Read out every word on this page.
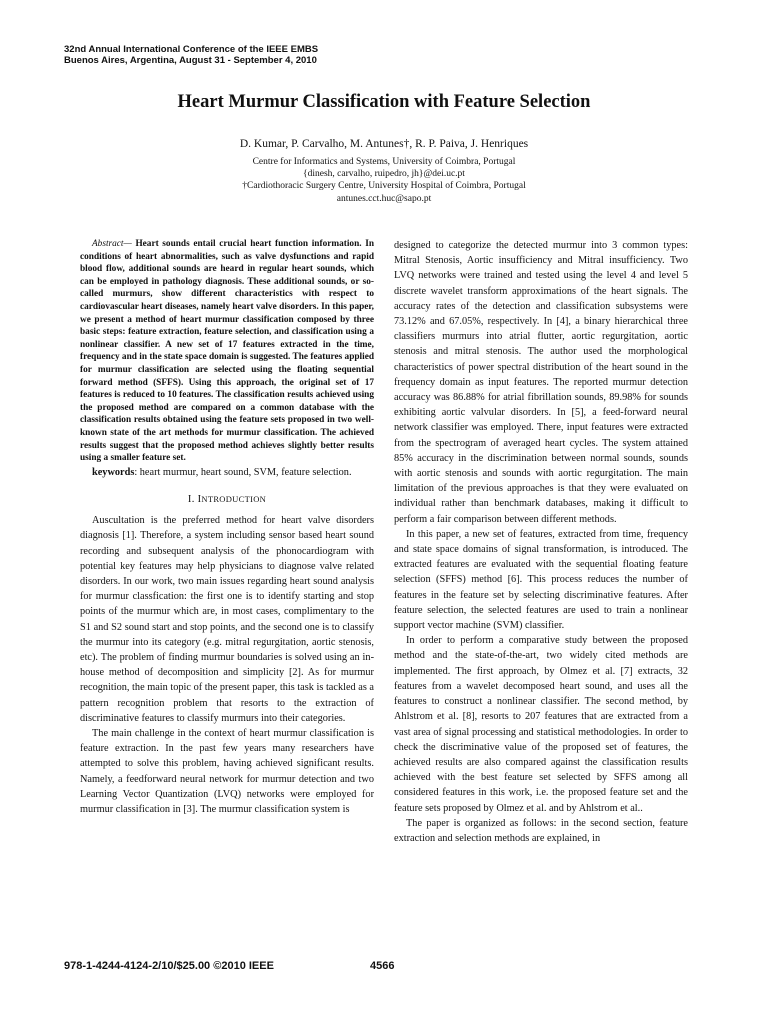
32nd Annual International Conference of the IEEE EMBS
Buenos Aires, Argentina, August 31 - September 4, 2010
Heart Murmur Classification with Feature Selection
D. Kumar, P. Carvalho, M. Antunes†, R. P. Paiva, J. Henriques
Centre for Informatics and Systems, University of Coimbra, Portugal
{dinesh, carvalho, ruipedro, jh}@dei.uc.pt
†Cardiothoracic Surgery Centre, University Hospital of Coimbra, Portugal
antunes.cct.huc@sapo.pt

Abstract— Heart sounds entail crucial heart function information. In conditions of heart abnormalities, such as valve dysfunctions and rapid blood flow, additional sounds are heard in regular heart sounds, which can be employed in pathology diagnosis. These additional sounds, or so-called murmurs, show different characteristics with respect to cardiovascular heart diseases, namely heart valve disorders. In this paper, we present a method of heart murmur classification composed by three basic steps: feature extraction, feature selection, and classification using a nonlinear classifier. A new set of 17 features extracted in the time, frequency and in the state space domain is suggested. The features applied for murmur classification are selected using the floating sequential forward method (SFFS). Using this approach, the original set of 17 features is reduced to 10 features. The classification results achieved using the proposed method are compared on a common database with the classification results obtained using the feature sets proposed in two well-known state of the art methods for murmur classification. The achieved results suggest that the proposed method achieves slightly better results using a smaller feature set.

keywords: heart murmur, heart sound, SVM, feature selection.

I. INTRODUCTION

Auscultation is the preferred method for heart valve disorders diagnosis [1]. Therefore, a system including sensor based heart sound recording and subsequent analysis of the phonocardiogram with potential key features may help physicians to diagnose valve related disorders. In our work, two main issues regarding heart sound analysis for murmur classfication: the first one is to identify starting and stop points of the murmur which are, in most cases, complimentary to the S1 and S2 sound start and stop points, and the second one is to classify the murmur into its category (e.g. mitral regurgitation, aortic stenosis, etc). The problem of finding murmur boundaries is solved using an in-house method of decomposition and simplicity [2]. As for murmur recognition, the main topic of the present paper, this task is tackled as a pattern recognition problem that resorts to the extraction of discriminative features to classify murmurs into their categories.

The main challenge in the context of heart murmur classification is feature extraction. In the past few years many researchers have attempted to solve this problem, having achieved significant results. Namely, a feedforward neural network for murmur detection and two Learning Vector Quantization (LVQ) networks were employed for murmur classification in [3]. The murmur classification system is

designed to categorize the detected murmur into 3 common types: Mitral Stenosis, Aortic insufficiency and Mitral insufficiency. Two LVQ networks were trained and tested using the level 4 and level 5 discrete wavelet transform approximations of the heart signals. The accuracy rates of the detection and classification subsystems were 73.12% and 67.05%, respectively. In [4], a binary hierarchical three classifiers murmurs into atrial flutter, aortic regurgitation, aortic stenosis and mitral stenosis. The author used the morphological characteristics of power spectral distribution of the heart sound in the frequency domain as input features. The reported murmur detection accuracy was 86.88% for atrial fibrillation sounds, 89.98% for sounds exhibiting aortic valvular disorders. In [5], a feed-forward neural network classifier was employed. There, input features were extracted from the spectrogram of averaged heart cycles. The system attained 85% accuracy in the discrimination between normal sounds, sounds with aortic stenosis and sounds with aortic regurgitation. The main limitation of the previous approaches is that they were evaluated on individual rather than benchmark databases, making it difficult to perform a fair comparison between different methods.

In this paper, a new set of features, extracted from time, frequency and state space domains of signal transformation, is introduced. The extracted features are evaluated with the sequential floating feature selection (SFFS) method [6]. This process reduces the number of features in the feature set by selecting discriminative features. After feature selection, the selected features are used to train a nonlinear support vector machine (SVM) classifier.

In order to perform a comparative study between the proposed method and the state-of-the-art, two widely cited methods are implemented. The first approach, by Olmez et al. [7] extracts, 32 features from a wavelet decomposed heart sound, and uses all the features to construct a nonlinear classifier. The second method, by Ahlstrom et al. [8], resorts to 207 features that are extracted from a vast area of signal processing and statistical methodologies. In order to check the discriminative value of the proposed set of features, the achieved results are also compared against the classification results achieved with the best feature set selected by SFFS among all considered features in this work, i.e. the proposed feature set and the feature sets proposed by Olmez et al. and by Ahlstrom et al..

The paper is organized as follows: in the second section, feature extraction and selection methods are explained, in

978-1-4244-4124-2/10/$25.00 ©2010 IEEE	4566
